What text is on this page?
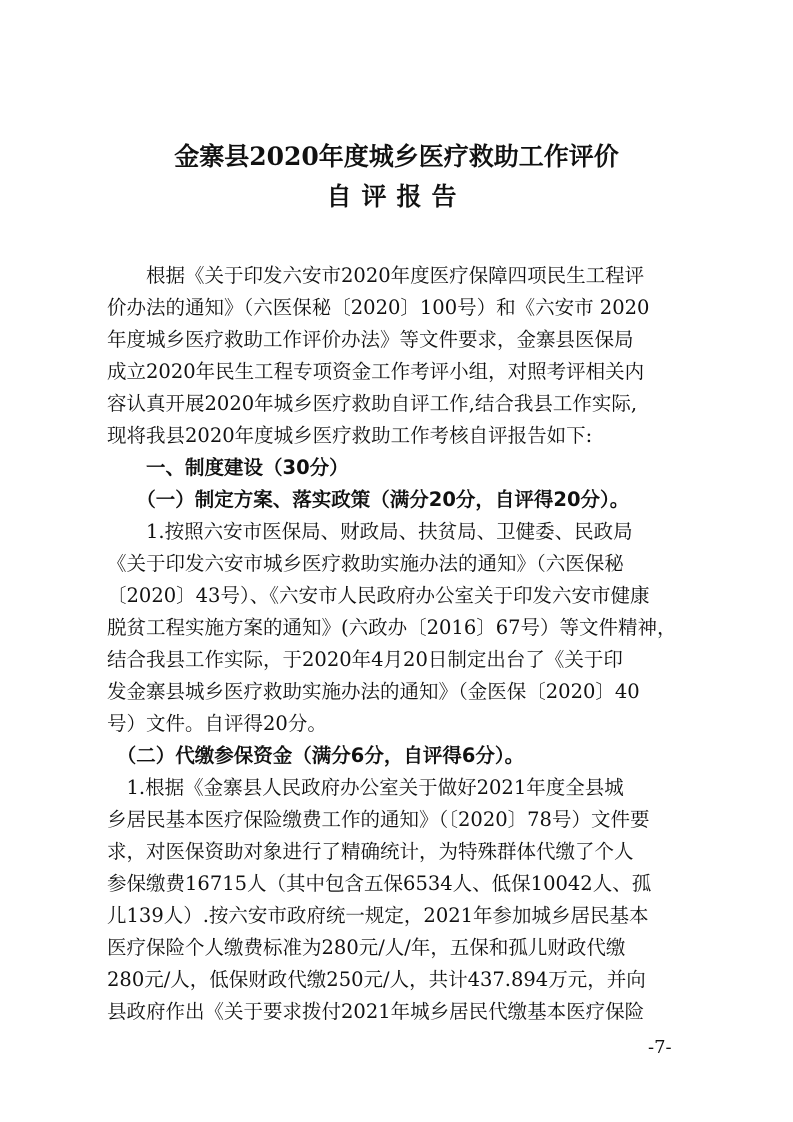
金寨县2020年度城乡医疗救助工作评价
自评报告
　　根据《关于印发六安市2020年度医疗保障四项民生工程评
价办法的通知》（六医保秘〔2020〕100号）和《六安市 2020
年度城乡医疗救助工作评价办法》等文件要求，金寨县医保局
成立2020年民生工程专项资金工作考评小组，对照考评相关内
容认真开展2020年城乡医疗救助自评工作,结合我县工作实际,
现将我县2020年度城乡医疗救助工作考核自评报告如下:
　　一、制度建设（30分）
　　（一）制定方案、落实政策（满分20分，自评得20分）。
　　1.按照六安市医保局、财政局、扶贫局、卫健委、民政局
《关于印发六安市城乡医疗救助实施办法的通知》（六医保秘
〔2020〕43号）、《六安市人民政府办公室关于印发六安市健康
脱贫工程实施方案的通知》(六政办〔2016〕67号）等文件精神，
结合我县工作实际，于2020年4月20日制定出台了《关于印
发金寨县城乡医疗救助实施办法的通知》（金医保〔2020〕40
号）文件。自评得20分。
　（二）代缴参保资金（满分6分，自评得6分）。
　1.根据《金寨县人民政府办公室关于做好2021年度全县城
乡居民基本医疗保险缴费工作的通知》（〔2020〕78号）文件要
求，对医保资助对象进行了精确统计，为特殊群体代缴了个人
参保缴费16715人（其中包含五保6534人、低保10042人、孤
儿139人）.按六安市政府统一规定，2021年参加城乡居民基本
医疗保险个人缴费标准为280元/人/年，五保和孤儿财政代缴
280元/人，低保财政代缴250元/人，共计437.894万元，并向
县政府作出《关于要求拨付2021年城乡居民代缴基本医疗保险
-7-
